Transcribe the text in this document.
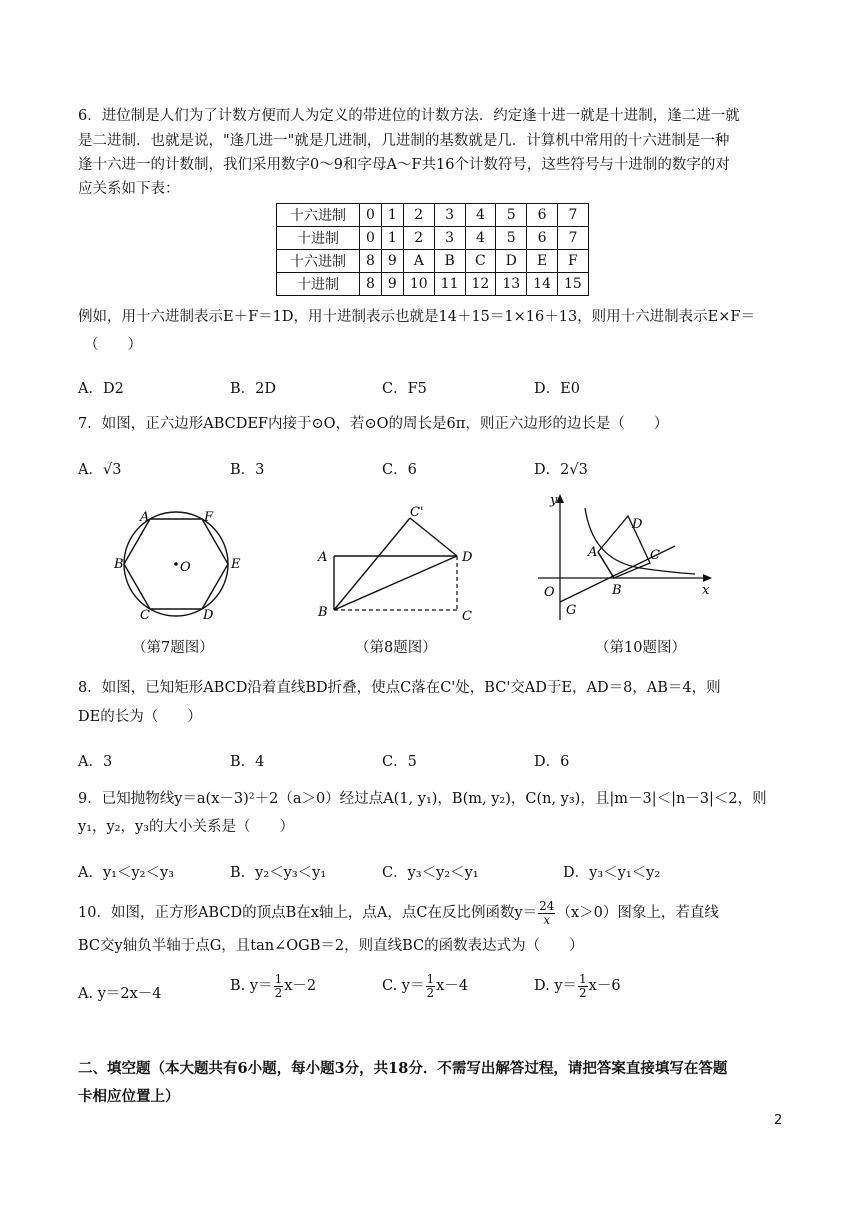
6．进位制是人们为了计数方便而人为定义的带进位的计数方法．约定逢十进一就是十进制，逢二进一就
是二进制．也就是说，"逢几进一"就是几进制，几进制的基数就是几．计算机中常用的十六进制是一种
逢十六进一的计数制，我们采用数字0～9和字母A～F共16个计数符号，这些符号与十进制的数字的对
应关系如下表：
十六进制	0	1	2	3	4	5	6	7
十进制	0	1	2	3	4	5	6	7
十六进制	8	9	A	B	C	D	E	F
十进制	8	9	10	11	12	13	14	15
例如，用十六进制表示E＋F＝1D，用十进制表示也就是14＋15＝1×16＋13，则用十六进制表示E×F＝
（　　）
A．D2	B．2D	C．F5	D．E0
7．如图，正六边形ABCDEF内接于⊙O，若⊙O的周长是6π，则正六边形的边长是（　　）
A．√3	B．3	C．6	D．2√3
A	F
B	E
C	D
O
（第7题图）
C'
A	D
B	C
（第8题图）
y
D
A	C
O	B	x
G
（第10题图）
8．如图，已知矩形ABCD沿着直线BD折叠，使点C落在C'处，BC'交AD于E，AD＝8，AB＝4，则
DE的长为（　　）
A．3	B．4	C．5	D．6
9．已知抛物线y＝a(x－3)²＋2（a＞0）经过点A(1, y₁)，B(m, y₂)，C(n, y₃)，且|m－3|＜|n－3|＜2，则
y₁，y₂，y₃的大小关系是（　　）
A．y₁＜y₂＜y₃	B．y₂＜y₃＜y₁	C．y₃＜y₂＜y₁	D．y₃＜y₁＜y₂
10．如图，正方形ABCD的顶点B在x轴上，点A，点C在反比例函数$y= \frac{24}{x} (x>0)$图象上，若直线
BC交y轴负半轴于点G，且tan∠OGB＝2，则直线BC的函数表达式为（　　）
A. y＝2x－4	B. $y= \frac{1}{2} x-2$	C. $y= \frac{1}{2} x-4$	D. $y= \frac{1}{2} x-6$
二、填空题（本大题共有6小题，每小题3分，共18分．不需写出解答过程，请把答案直接填写在答题
卡相应位置上）
2
